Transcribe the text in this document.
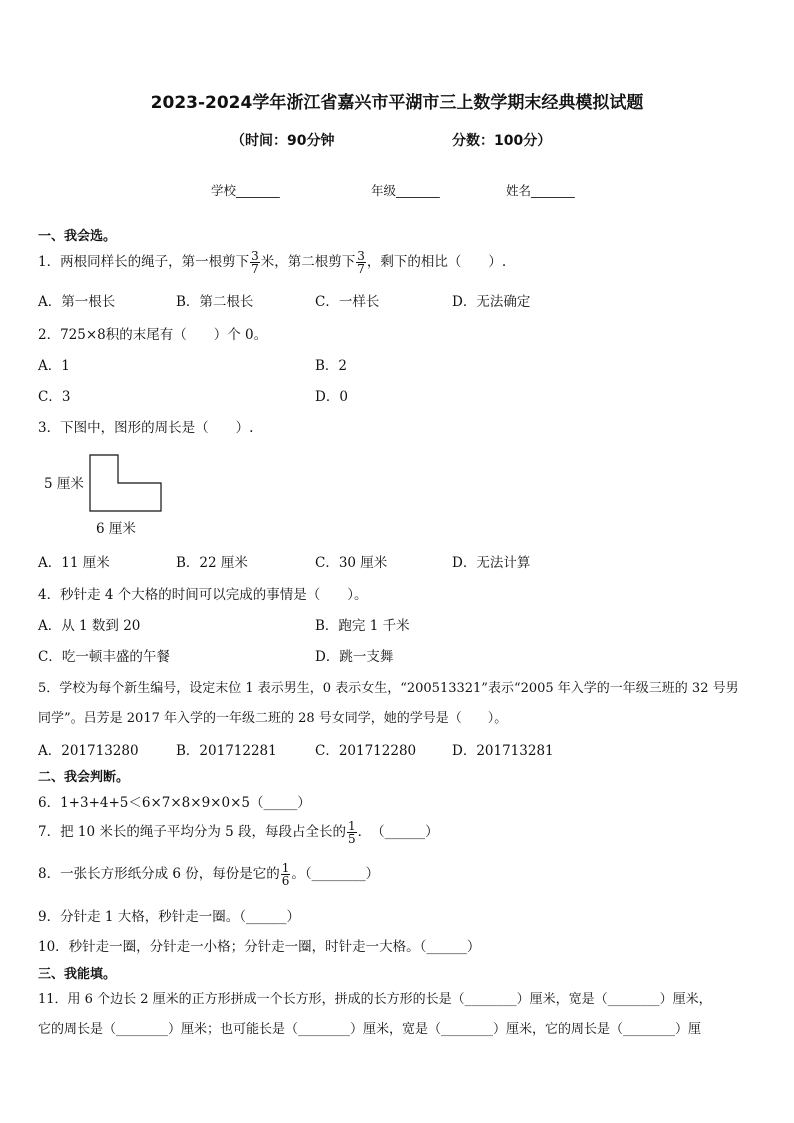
2023-2024学年浙江省嘉兴市平湖市三上数学期末经典模拟试题
（时间：90分钟	分数：100分）
学校_______	年级_______	姓名_______
一、我会选。
1．两根同样长的绳子，第一根剪下 $\frac{3}{7}$ 米，第二根剪下 $\frac{3}{7}$ ，剩下的相比（　　）.
A．第一根长	B．第二根长	C．一样长	D．无法确定
2．725×8积的末尾有（　　）个 0。
A．1	B．2
C．3	D．0
3．下图中，图形的周长是（　　）.
5 厘米
6 厘米
A．11 厘米	B．22 厘米	C．30 厘米	D．无法计算
4．秒针走 4 个大格的时间可以完成的事情是（　　）。
A．从 1 数到 20	B．跑完 1 千米
C．吃一顿丰盛的午餐	D．跳一支舞
5．学校为每个新生编号，设定末位 1 表示男生，0 表示女生，“200513321”表示“2005 年入学的一年级三班的 32 号男
同学”。吕芳是 2017 年入学的一年级二班的 28 号女同学，她的学号是（　　）。
A．201713280	B．201712281	C．201712280	D．201713281
二、我会判断。
6．1+3+4+5＜6×7×8×9×0×5（_____）
7．把 10 米长的绳子平均分为 5 段，每段占全长的 $\frac{1}{5}$ ．　（______）
8．一张长方形纸分成 6 份，每份是它的 $\frac{1}{6}$ 。（________）
9．分针走 1 大格，秒针走一圈。（______）
10．秒针走一圈，分针走一小格；分针走一圈，时针走一大格。（______）
三、我能填。
11．用 6 个边长 2 厘米的正方形拼成一个长方形，拼成的长方形的长是（________）厘米，宽是（________）厘米，
它的周长是（________）厘米；也可能长是（________）厘米，宽是（________）厘米，它的周长是（________）厘
